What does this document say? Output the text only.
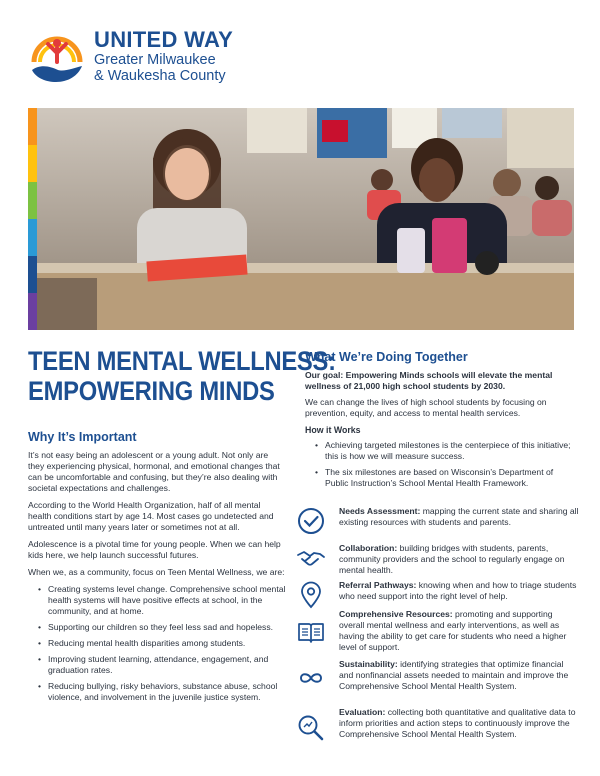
UNITED WAY
Greater Milwaukee
& Waukesha County
TEEN MENTAL WELLNESS:
EMPOWERING MINDS
Why It’s Important

It’s not easy being an adolescent or a young adult. Not only are they experiencing physical, hormonal, and emotional changes that can be uncomfortable and confusing, but they’re also dealing with societal expectations and challenges.

According to the World Health Organization, half of all mental health conditions start by age 14. Most cases go undetected and untreated until many years later or sometimes not at all.

Adolescence is a pivotal time for young people. When we can help kids here, we help launch successful futures.

When we, as a community, focus on Teen Mental Wellness, we are:

• Creating systems level change. Comprehensive school mental health systems will have positive effects at school, in the community, and at home.
• Supporting our children so they feel less sad and hopeless.
• Reducing mental health disparities among students.
• Improving student learning, attendance, engagement, and graduation rates.
• Reducing bullying, risky behaviors, substance abuse, school violence, and involvement in the juvenile justice system.
What We’re Doing Together

Our goal: Empowering Minds schools will elevate the mental wellness of 21,000 high school students by 2030.

We can change the lives of high school students by focusing on prevention, equity, and access to mental health services.

How it Works
• Achieving targeted milestones is the centerpiece of this initiative; this is how we will measure success.
• The six milestones are based on Wisconsin’s Department of Public Instruction’s School Mental Health Framework.
Needs Assessment: mapping the current state and sharing all existing resources with students and parents.
Collaboration: building bridges with students, parents, community providers and the school to regularly engage on mental health.
Referral Pathways: knowing when and how to triage students who need support into the right level of help.
Comprehensive Resources: promoting and supporting overall mental wellness and early interventions, as well as having the ability to get care for students who need a higher level of support.
Sustainability: identifying strategies that optimize financial and nonfinancial assets needed to maintain and improve the Comprehensive School Mental Health System.
Evaluation: collecting both quantitative and qualitative data to inform priorities and action steps to continuously improve the Comprehensive School Mental Health System.
